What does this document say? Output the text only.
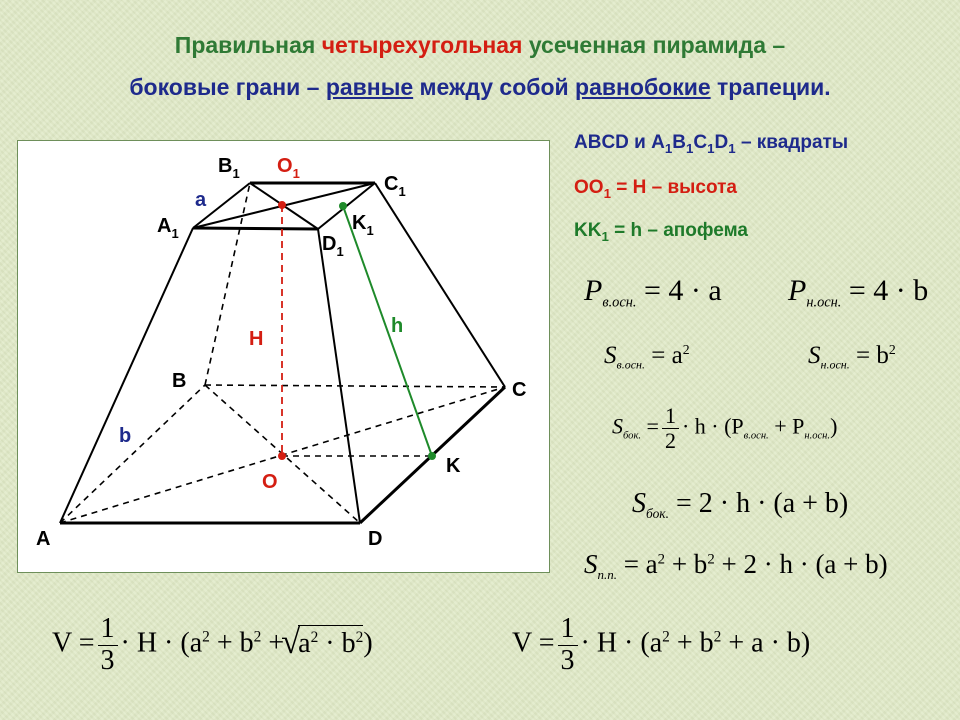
Правильная четырехугольная усеченная пирамида –
боковые грани – равные между собой равнобокие трапеции.
A
B	C
D
$A_1$
$B_1$	$C_1$
$D_1$
$O_1$
O
H
$K_1$
K
h
a
b
ABCD и $A_1B_1C_1D_1$ – квадраты
$OO_1 = H$ – высота
$KK_1 = h$ – апофема
$P_{в.осн.} = 4 \cdot a$ $P_{н.осн.} = 4 \cdot b$
$S_{в.осн.} = a^2$	$S_{н.осн.} = b^2$
$S_{бок.} = \frac{1}{2} \cdot h \cdot (P_{в.осн.} + P_{н.осн.})$
$S_{бок.} = 2 \cdot h \cdot (a + b)$
$S_{п.п.} = a^2 + b^2 + 2 \cdot h \cdot (a + b)$
$V = \frac{1}{3} \cdot H \cdot (a^2 + b^2$ +√ $a^2 \cdot b^2$)	$V = \frac{1}{3} \cdot H \cdot (a^2 + b^2 + a \cdot b)$
